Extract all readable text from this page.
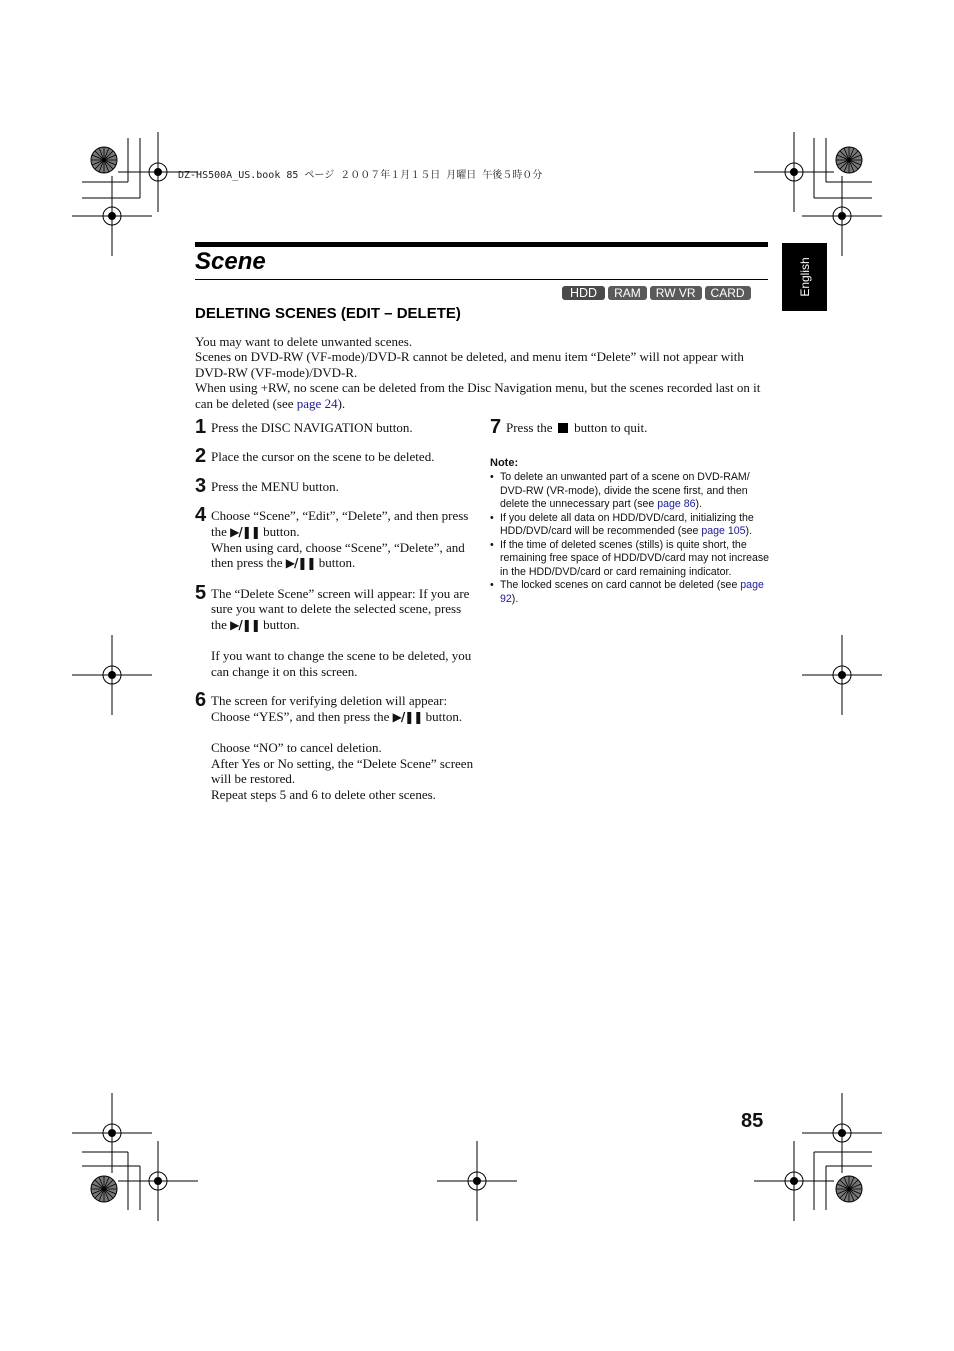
DZ-HS500A_US.book 85 ページ ２００７年１月１５日 月曜日 午後５時０分
Scene	English
HDD	RAM	RW VR	CARD
DELETING SCENES (EDIT – DELETE)

You may want to delete unwanted scenes.

Scenes on DVD-RW (VF-mode)/DVD-R cannot be deleted, and menu item “Delete” will not appear with DVD-RW (VF-mode)/DVD-R.

When using +RW, no scene can be deleted from the Disc Navigation menu, but the scenes recorded last on it can be deleted (see page 24).

1 Press the DISC NAVIGATION button.

2 Place the cursor on the scene to be deleted.

3 Press the MENU button.

4 Choose “Scene”, “Edit”, “Delete”, and then press the ▶/❚❚ button.

When using card, choose “Scene”, “Delete”, and then press the ▶/❚❚ button.

5 The “Delete Scene” screen will appear: If you are sure you want to delete the selected scene, press the ▶/❚❚ button.

If you want to change the scene to be deleted, you can change it on this screen.

6 The screen for verifying deletion will appear: Choose “YES”, and then press the ▶/❚❚ button.

Choose “NO” to cancel deletion.

After Yes or No setting, the “Delete Scene” screen will be restored.

Repeat steps 5 and 6 to delete other scenes.

7 Press the button to quit.

Note:
• To delete an unwanted part of a scene on DVD-RAM/ DVD-RW (VR-mode), divide the scene first, and then delete the unnecessary part (see page 86).
• If you delete all data on HDD/DVD/card, initializing the HDD/DVD/card will be recommended (see page 105).
• If the time of deleted scenes (stills) is quite short, the remaining free space of HDD/DVD/card may not increase in the HDD/DVD/card or card remaining indicator.
• The locked scenes on card cannot be deleted (see page 92).
85
